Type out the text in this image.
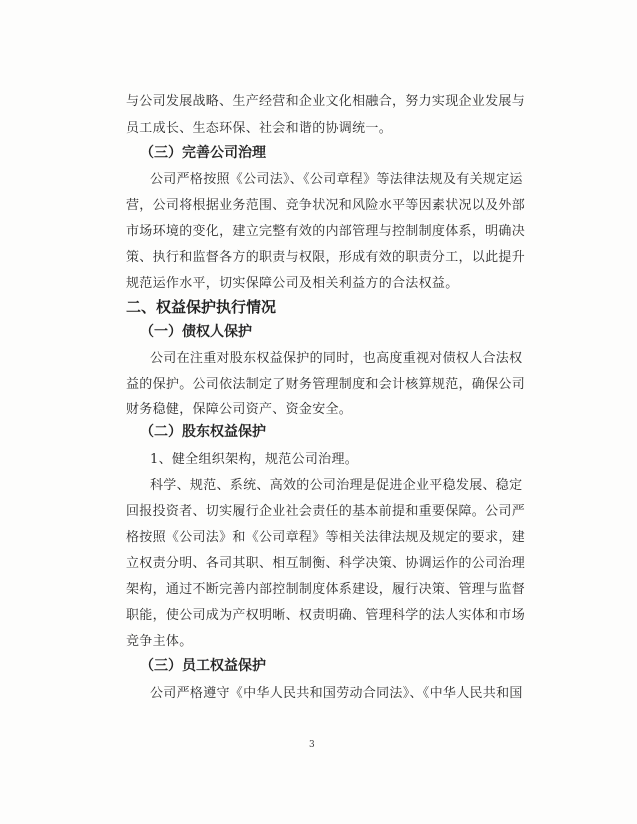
与公司发展战略、生产经营和企业文化相融合，努力实现企业发展与
员工成长、生态环保、社会和谐的协调统一。
（三）完善公司治理
公司严格按照《公司法》、《公司章程》等法律法规及有关规定运
营，公司将根据业务范围、竞争状况和风险水平等因素状况以及外部
市场环境的变化，建立完整有效的内部管理与控制制度体系，明确决
策、执行和监督各方的职责与权限，形成有效的职责分工，以此提升
规范运作水平，切实保障公司及相关利益方的合法权益。
二、权益保护执行情况
（一）债权人保护
公司在注重对股东权益保护的同时，也高度重视对债权人合法权
益的保护。公司依法制定了财务管理制度和会计核算规范，确保公司
财务稳健，保障公司资产、资金安全。
（二）股东权益保护
1、健全组织架构，规范公司治理。
科学、规范、系统、高效的公司治理是促进企业平稳发展、稳定
回报投资者、切实履行企业社会责任的基本前提和重要保障。公司严
格按照《公司法》和《公司章程》等相关法律法规及规定的要求，建
立权责分明、各司其职、相互制衡、科学决策、协调运作的公司治理
架构，通过不断完善内部控制制度体系建设，履行决策、管理与监督
职能，使公司成为产权明晰、权责明确、管理科学的法人实体和市场
竞争主体。
（三）员工权益保护
公司严格遵守《中华人民共和国劳动合同法》、《中华人民共和国
3
